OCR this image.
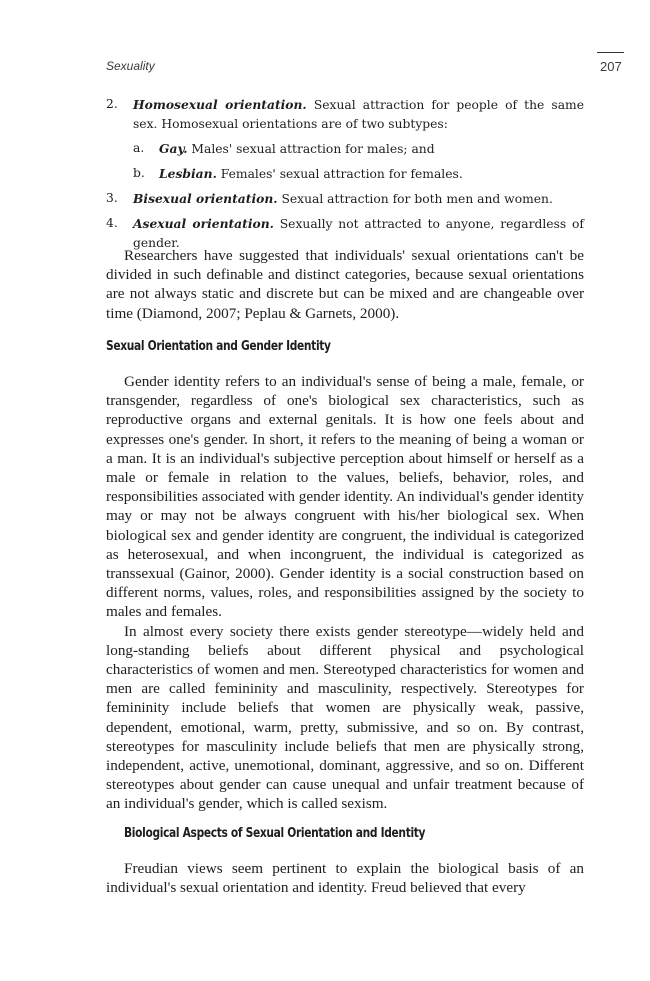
Sexuality	207
2. Homosexual orientation. Sexual attraction for people of the same sex. Homosexual orientations are of two subtypes:
a. Gay. Males' sexual attraction for males; and
b. Lesbian. Females' sexual attraction for females.
3. Bisexual orientation. Sexual attraction for both men and women.
4. Asexual orientation. Sexually not attracted to anyone, regardless of gender.

Researchers have suggested that individuals' sexual orientations can't be divided in such definable and distinct categories, because sexual orientations are not always static and discrete but can be mixed and are changeable over time (Diamond, 2007; Peplau & Garnets, 2000).

Sexual Orientation and Gender Identity

Gender identity refers to an individual's sense of being a male, female, or transgender, regardless of one's biological sex characteristics, such as reproductive organs and external genitals. It is how one feels about and expresses one's gender. In short, it refers to the meaning of being a woman or a man. It is an individual's subjective perception about himself or herself as a male or female in relation to the values, beliefs, behavior, roles, and responsibilities associated with gender identity. An individual's gender identity may or may not be always congruent with his/her biological sex. When biological sex and gender identity are congruent, the individual is categorized as heterosexual, and when incongruent, the individual is categorized as transsexual (Gainor, 2000). Gender identity is a social construction based on different norms, values, roles, and responsibilities assigned by the society to males and females.

In almost every society there exists gender stereotype—widely held and long-standing beliefs about different physical and psychological characteristics of women and men. Stereotyped characteristics for women and men are called femininity and masculinity, respectively. Stereotypes for femininity include beliefs that women are physically weak, passive, dependent, emotional, warm, pretty, submissive, and so on. By contrast, stereotypes for masculinity include beliefs that men are physically strong, independent, active, unemotional, dominant, aggressive, and so on. Different stereotypes about gender can cause unequal and unfair treatment because of an individual's gender, which is called sexism.

Biological Aspects of Sexual Orientation and Identity

Freudian views seem pertinent to explain the biological basis of an individual's sexual orientation and identity. Freud believed that every
